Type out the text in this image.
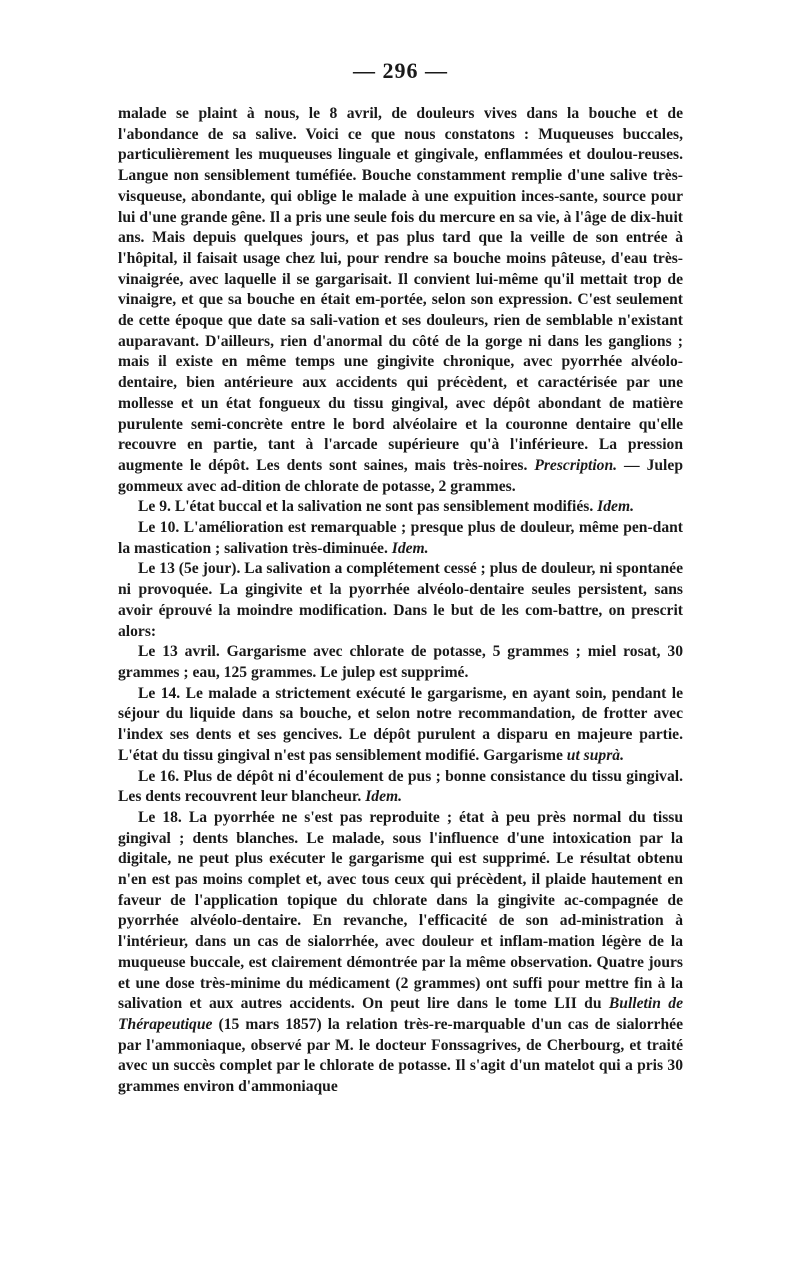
— 296 —

malade se plaint à nous, le 8 avril, de douleurs vives dans la bouche et de l'abondance de sa salive. Voici ce que nous constatons : Muqueuses buccales, particulièrement les muqueuses linguale et gingivale, enflammées et doulou-reuses. Langue non sensiblement tuméfiée. Bouche constamment remplie d'une salive très-visqueuse, abondante, qui oblige le malade à une expuition inces-sante, source pour lui d'une grande gêne. Il a pris une seule fois du mercure en sa vie, à l'âge de dix-huit ans. Mais depuis quelques jours, et pas plus tard que la veille de son entrée à l'hôpital, il faisait usage chez lui, pour rendre sa bouche moins pâteuse, d'eau très-vinaigrée, avec laquelle il se gargarisait. Il convient lui-même qu'il mettait trop de vinaigre, et que sa bouche en était em-portée, selon son expression. C'est seulement de cette époque que date sa sali-vation et ses douleurs, rien de semblable n'existant auparavant. D'ailleurs, rien d'anormal du côté de la gorge ni dans les ganglions ; mais il existe en même temps une gingivite chronique, avec pyorrhée alvéolo-dentaire, bien antérieure aux accidents qui précèdent, et caractérisée par une mollesse et un état fongueux du tissu gingival, avec dépôt abondant de matière purulente semi-concrète entre le bord alvéolaire et la couronne dentaire qu'elle recouvre en partie, tant à l'arcade supérieure qu'à l'inférieure. La pression augmente le dépôt. Les dents sont saines, mais très-noires. Prescription. — Julep gommeux avec ad-dition de chlorate de potasse, 2 grammes.

Le 9. L'état buccal et la salivation ne sont pas sensiblement modifiés. Idem.

Le 10. L'amélioration est remarquable ; presque plus de douleur, même pen-dant la mastication ; salivation très-diminuée. Idem.

Le 13 (5e jour). La salivation a complétement cessé ; plus de douleur, ni spontanée ni provoquée. La gingivite et la pyorrhée alvéolo-dentaire seules persistent, sans avoir éprouvé la moindre modification. Dans le but de les com-battre, on prescrit alors:

Le 13 avril. Gargarisme avec chlorate de potasse, 5 grammes ; miel rosat, 30 grammes ; eau, 125 grammes. Le julep est supprimé.

Le 14. Le malade a strictement exécuté le gargarisme, en ayant soin, pendant le séjour du liquide dans sa bouche, et selon notre recommandation, de frotter avec l'index ses dents et ses gencives. Le dépôt purulent a disparu en majeure partie. L'état du tissu gingival n'est pas sensiblement modifié. Gargarisme ut suprà.

Le 16. Plus de dépôt ni d'écoulement de pus ; bonne consistance du tissu gingival. Les dents recouvrent leur blancheur. Idem.

Le 18. La pyorrhée ne s'est pas reproduite ; état à peu près normal du tissu gingival ; dents blanches. Le malade, sous l'influence d'une intoxication par la digitale, ne peut plus exécuter le gargarisme qui est supprimé. Le résultat obtenu n'en est pas moins complet et, avec tous ceux qui précèdent, il plaide hautement en faveur de l'application topique du chlorate dans la gingivite ac-compagnée de pyorrhée alvéolo-dentaire. En revanche, l'efficacité de son ad-ministration à l'intérieur, dans un cas de sialorrhée, avec douleur et inflam-mation légère de la muqueuse buccale, est clairement démontrée par la même observation. Quatre jours et une dose très-minime du médicament (2 grammes) ont suffi pour mettre fin à la salivation et aux autres accidents. On peut lire dans le tome LII du Bulletin de Thérapeutique (15 mars 1857) la relation très-re-marquable d'un cas de sialorrhée par l'ammoniaque, observé par M. le docteur Fonssagrives, de Cherbourg, et traité avec un succès complet par le chlorate de potasse. Il s'agit d'un matelot qui a pris 30 grammes environ d'ammoniaque
